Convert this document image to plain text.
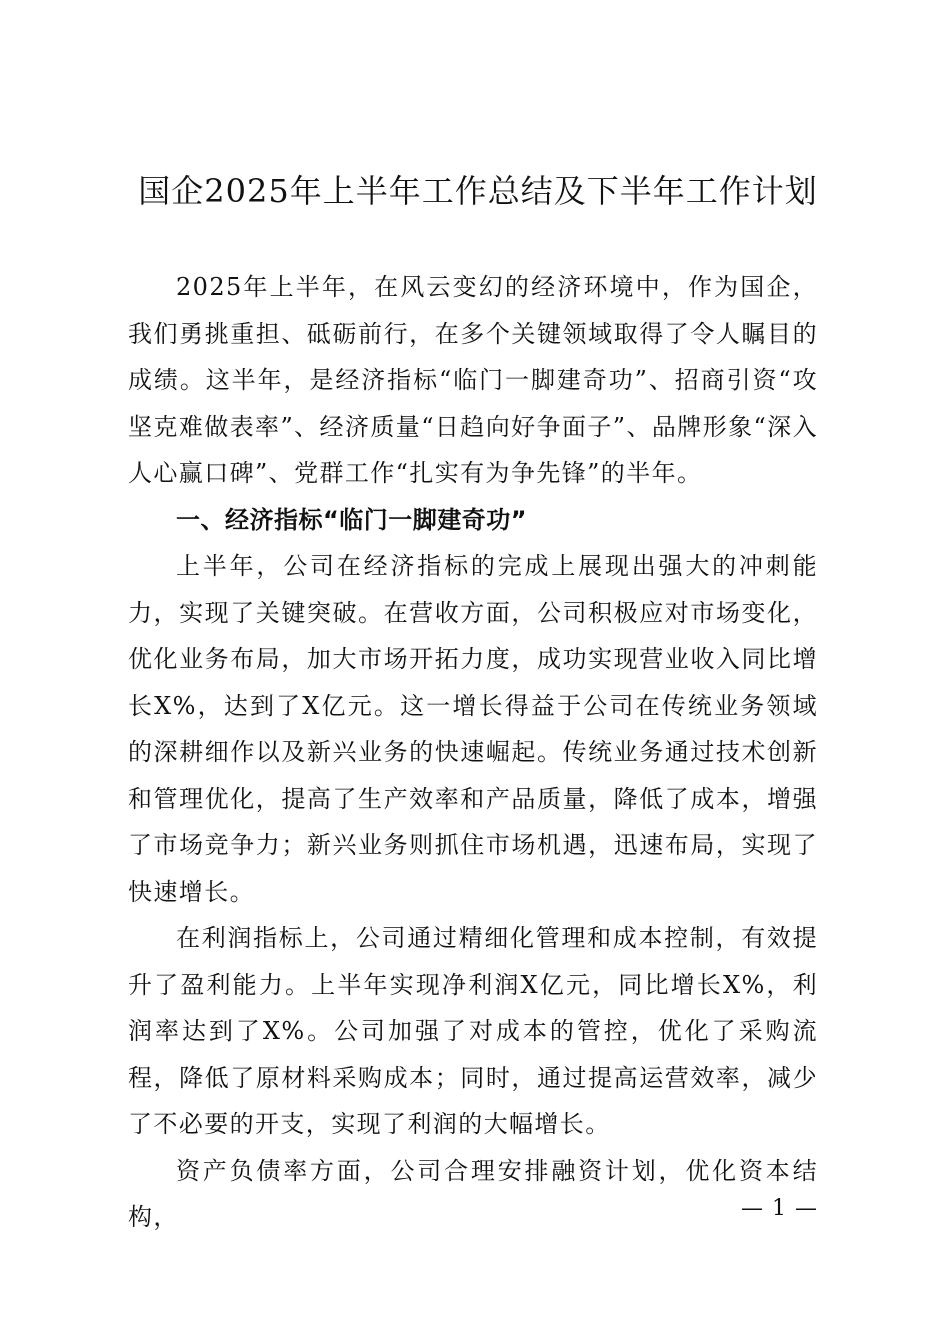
国企2025年上半年工作总结及下半年工作计划

2025年上半年，在风云变幻的经济环境中，作为国企，我们勇挑重担、砥砺前行，在多个关键领域取得了令人瞩目的成绩。这半年，是经济指标“临门一脚建奇功”、招商引资“攻坚克难做表率”、经济质量“日趋向好争面子”、品牌形象“深入人心赢口碑”、党群工作“扎实有为争先锋”的半年。

一、经济指标“临门一脚建奇功”

上半年，公司在经济指标的完成上展现出强大的冲刺能力，实现了关键突破。在营收方面，公司积极应对市场变化，优化业务布局，加大市场开拓力度，成功实现营业收入同比增长X%，达到了X亿元。这一增长得益于公司在传统业务领域的深耕细作以及新兴业务的快速崛起。传统业务通过技术创新和管理优化，提高了生产效率和产品质量，降低了成本，增强了市场竞争力；新兴业务则抓住市场机遇，迅速布局，实现了快速增长。

在利润指标上，公司通过精细化管理和成本控制，有效提升了盈利能力。上半年实现净利润X亿元，同比增长X%，利润率达到了X%。公司加强了对成本的管控，优化了采购流程，降低了原材料采购成本；同时，通过提高运营效率，减少了不必要的开支，实现了利润的大幅增长。

资产负债率方面，公司合理安排融资计划，优化资本结构，	— 1 —
